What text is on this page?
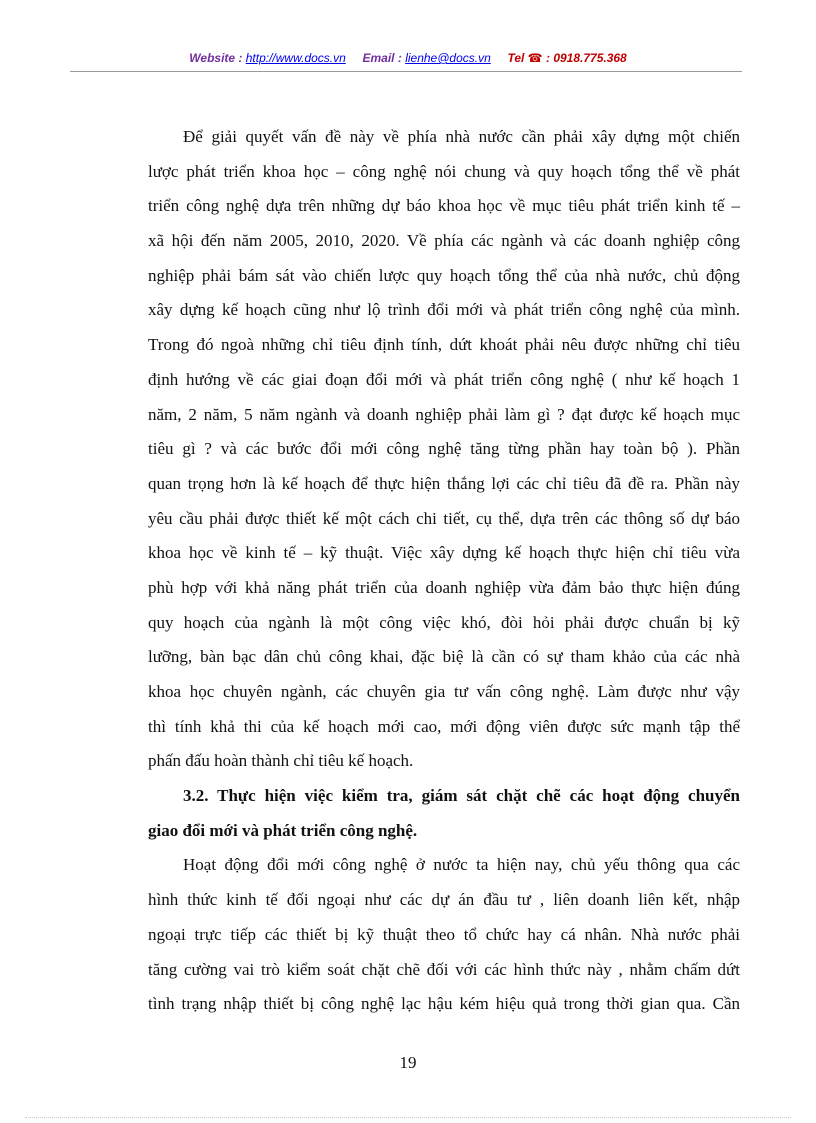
Website : http://www.docs.vn Email : lienhe@docs.vn Tel ☎ : 0918.775.368
Để giải quyết vấn đề này về phía nhà nước cần phải xây dựng một chiến
lược phát triển khoa học – công nghệ nói chung và quy hoạch tổng thể về phát
triển công nghệ dựa trên những dự báo khoa học về mục tiêu phát triển kinh tế –
xã hội đến năm 2005, 2010, 2020. Về phía các ngành và các doanh nghiệp công
nghiệp phải bám sát vào chiến lược quy hoạch tổng thể của nhà nước, chủ động
xây dựng kế hoạch cũng như lộ trình đổi mới và phát triển công nghệ của mình.
Trong đó ngoà những chỉ tiêu định tính, dứt khoát phải nêu được những chỉ tiêu
định hướng về các giai đoạn đổi mới và phát triển công nghệ ( như kế hoạch 1
năm, 2 năm, 5 năm ngành và doanh nghiệp phải làm gì ? đạt được kế hoạch mục
tiêu gì ? và các bước đổi mới công nghệ tăng từng phần hay toàn bộ ). Phần
quan trọng hơn là kế hoạch để thực hiện thắng lợi các chỉ tiêu đã đề ra. Phần này
yêu cầu phải được thiết kế một cách chi tiết, cụ thể, dựa trên các thông số dự báo
khoa học về kinh tế – kỹ thuật. Việc xây dựng kế hoạch thực hiện chỉ tiêu vừa
phù hợp với khả năng phát triển của doanh nghiệp vừa đảm bảo thực hiện đúng
quy hoạch của ngành là một công việc khó, đòi hỏi phải được chuẩn bị kỹ
lưỡng, bàn bạc dân chủ công khai, đặc biệ là cần có sự tham khảo của các nhà
khoa học chuyên ngành, các chuyên gia tư vấn công nghệ. Làm được như vậy
thì tính khả thi của kế hoạch mới cao, mới động viên được sức mạnh tập thể
phấn đấu hoàn thành chỉ tiêu kế hoạch.
3.2. Thực hiện việc kiểm tra, giám sát chặt chẽ các hoạt động chuyển
giao đổi mới và phát triển công nghệ.
Hoạt động đổi mới công nghệ ở nước ta hiện nay, chủ yếu thông qua các
hình thức kinh tế đối ngoại như các dự án đầu tư , liên doanh liên kết, nhập
ngoại trực tiếp các thiết bị kỹ thuật theo tổ chức hay cá nhân. Nhà nước phải
tăng cường vai trò kiểm soát chặt chẽ đối với các hình thức này , nhằm chấm dứt
tình trạng nhập thiết bị công nghệ lạc hậu kém hiệu quả trong thời gian qua. Cần
19
